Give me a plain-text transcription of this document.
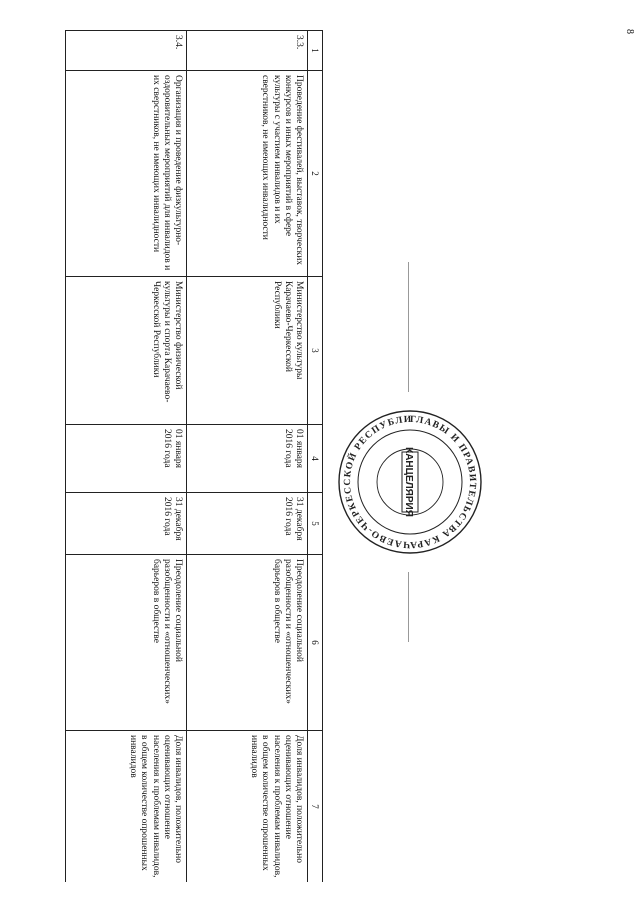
8
1	2	3	4	5	6	7
3.3.	Проведение фестивалей, выставок, творческих конкурсов и иных мероприятий в сфере культуры с участием инвалидов и их сверстников, не имеющих инвалидности	Министерство культуры Карачаево-Черкесской Республики	01 января 2016 года	31 декабря 2016 года	Преодоление социальной разобщенности и «отношенческих» барьеров в обществе	Доля инвалидов, положительно оценивающих отношение населения к проблемам инвалидов, в общем количестве опрошенных инвалидов
3.4.	Организация и проведение физкультурно-оздоровительных мероприятий для инвалидов и их сверстников, не имеющих инвалидности	Министерство физической культуры и спорта Карачаево-Черкесской Республики	01 января 2016 года	31 декабря 2016 года	Преодоление социальной разобщенности и «отношенческих» барьеров в обществе	Доля инвалидов, положительно оценивающих отношение населения к проблемам инвалидов, в общем количестве опрошенных инвалидов
ГЛАВЫ И ПРАВИТЕЛЬСТВА КАРАЧАЕВО-ЧЕРКЕССКОЙ РЕСПУБЛИ
КАНЦЕЛЯРИЯ
